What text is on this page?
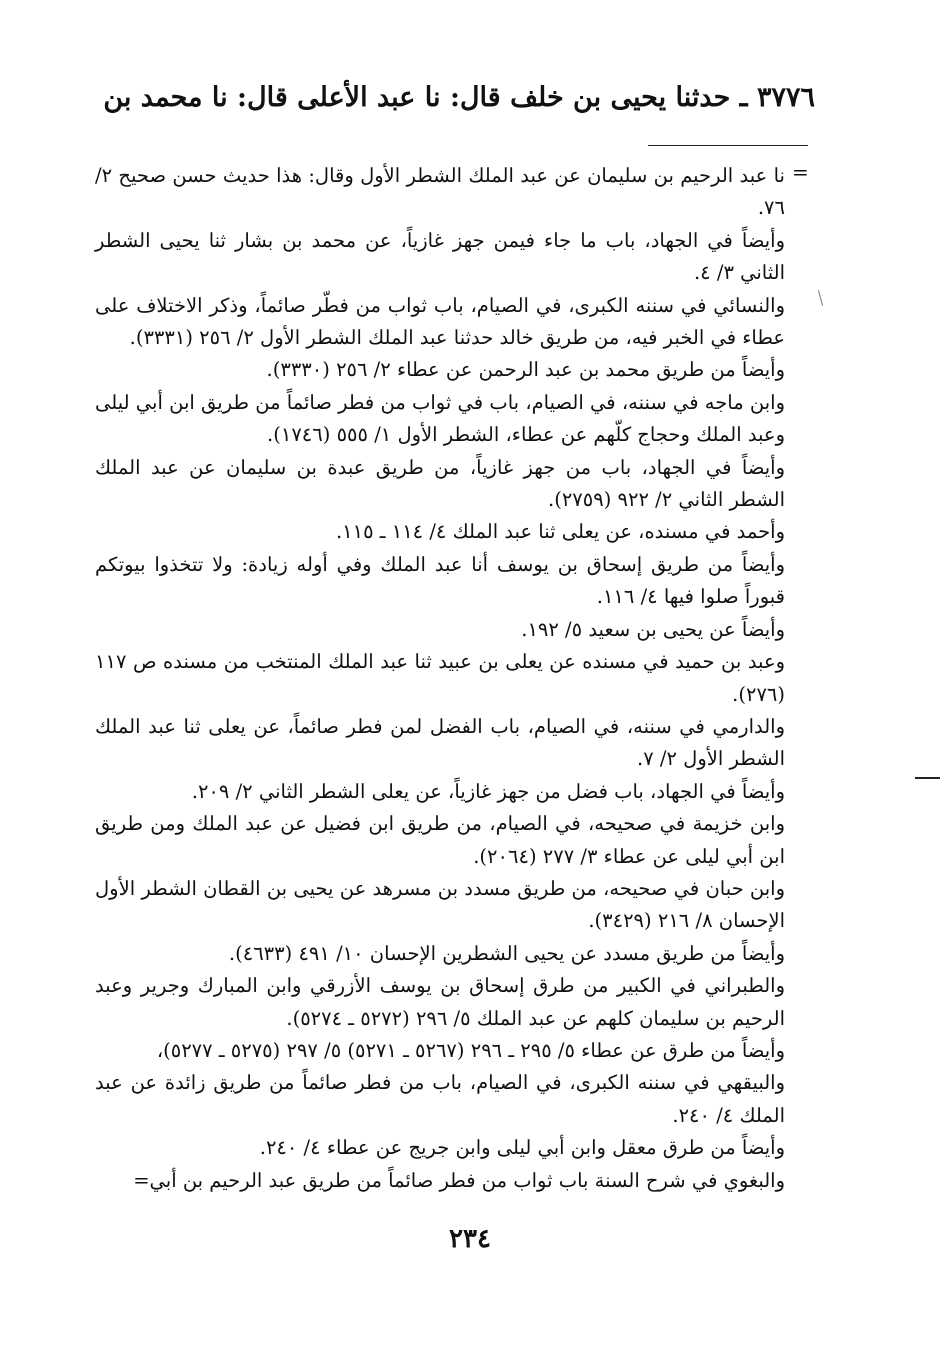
٣٧٧٦ ـ حدثنا يحيى بن خلف قال: نا عبد الأعلى قال: نا محمد بن
=

نا عبد الرحيم بن سليمان عن عبد الملك الشطر الأول وقال: هذا حديث حسن صحيح ٢/ ٧٦.

وأيضاً في الجهاد، باب ما جاء فيمن جهز غازياً، عن محمد بن بشار ثنا يحيى الشطر الثاني ٣/ ٤.

والنسائي في سننه الكبرى، في الصيام، باب ثواب من فطّر صائماً، وذكر الاختلاف على عطاء في الخبر فيه، من طريق خالد حدثنا عبد الملك الشطر الأول ٢/ ٢٥٦ (٣٣٣١).

وأيضاً من طريق محمد بن عبد الرحمن عن عطاء ٢/ ٢٥٦ (٣٣٣٠).

وابن ماجه في سننه، في الصيام، باب في ثواب من فطر صائماً من طريق ابن أبي ليلى وعبد الملك وحجاج كلّهم عن عطاء، الشطر الأول ١/ ٥٥٥ (١٧٤٦).

وأيضاً في الجهاد، باب من جهز غازياً، من طريق عبدة بن سليمان عن عبد الملك الشطر الثاني ٢/ ٩٢٢ (٢٧٥٩).

وأحمد في مسنده، عن يعلى ثنا عبد الملك ٤/ ١١٤ ـ ١١٥.

وأيضاً من طريق إسحاق بن يوسف أنا عبد الملك وفي أوله زيادة: ولا تتخذوا بيوتكم قبوراً صلوا فيها ٤/ ١١٦.

وأيضاً عن يحيى بن سعيد ٥/ ١٩٢.

وعبد بن حميد في مسنده عن يعلى بن عبيد ثنا عبد الملك المنتخب من مسنده ص ١١٧ (٢٧٦).

والدارمي في سننه، في الصيام، باب الفضل لمن فطر صائماً، عن يعلى ثنا عبد الملك الشطر الأول ٢/ ٧.

وأيضاً في الجهاد، باب فضل من جهز غازياً، عن يعلى الشطر الثاني ٢/ ٢٠٩.

وابن خزيمة في صحيحه، في الصيام، من طريق ابن فضيل عن عبد الملك ومن طريق ابن أبي ليلى عن عطاء ٣/ ٢٧٧ (٢٠٦٤).

وابن حبان في صحيحه، من طريق مسدد بن مسرهد عن يحيى بن القطان الشطر الأول الإحسان ٨/ ٢١٦ (٣٤٢٩).

وأيضاً من طريق مسدد عن يحيى الشطرين الإحسان ١٠/ ٤٩١ (٤٦٣٣).

والطبراني في الكبير من طرق إسحاق بن يوسف الأزرقي وابن المبارك وجرير وعبد الرحيم بن سليمان كلهم عن عبد الملك ٥/ ٢٩٦ (٥٢٧٢ ـ ٥٢٧٤).

وأيضاً من طرق عن عطاء ٥/ ٢٩٥ ـ ٢٩٦ (٥٢٦٧ ـ ٥٢٧١) ٥/ ٢٩٧ (٥٢٧٥ ـ ٥٢٧٧)،

والبيقهي في سننه الكبرى، في الصيام، باب من فطر صائماً من طريق زائدة عن عبد الملك ٤/ ٢٤٠.

وأيضاً من طرق معقل وابن أبي ليلى وابن جريج عن عطاء ٤/ ٢٤٠.

والبغوي في شرح السنة باب ثواب من فطر صائماً من طريق عبد الرحيم بن أبي=

٢٣٤
